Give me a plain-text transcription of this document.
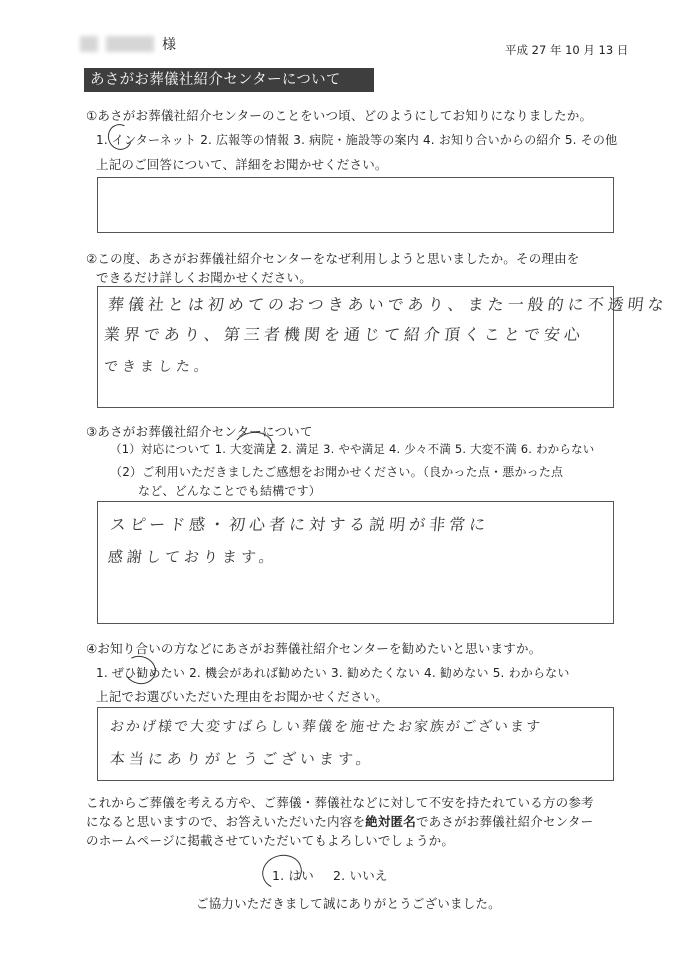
様	平成 27 年 10 月 13 日
あさがお葬儀社紹介センターについて
①あさがお葬儀社紹介センターのことをいつ頃、どのようにしてお知りになりましたか。
1. インターネット 2. 広報等の情報 3. 病院・施設等の案内 4. お知り合いからの紹介 5. その他
上記のご回答について、詳細をお聞かせください。
②この度、あさがお葬儀社紹介センターをなぜ利用しようと思いましたか。その理由を
できるだけ詳しくお聞かせください。
葬儀社とは初めてのおつきあいであり、また一般的に不透明な
業界であり、第三者機関を通じて紹介頂くことで安心
できました。
③あさがお葬儀社紹介センターについて
（1）対応について 1. 大変満足 2. 満足 3. やや満足 4. 少々不満 5. 大変不満 6. わからない
（2）ご利用いただきましたご感想をお聞かせください。（良かった点・悪かった点
など、どんなことでも結構です）
スピード感・初心者に対する説明が非常に
感謝しております。
④お知り合いの方などにあさがお葬儀社紹介センターを勧めたいと思いますか。
1. ぜひ勧めたい 2. 機会があれば勧めたい 3. 勧めたくない 4. 勧めない 5. わからない
上記でお選びいただいた理由をお聞かせください。
おかげ様で大変すばらしい葬儀を施せたお家族がございます
本当にありがとうございます。
これからご葬儀を考える方や、ご葬儀・葬儀社などに対して不安を持たれている方の参考
になると思いますので、お答えいただいた内容を絶対匿名であさがお葬儀社紹介センター
のホームページに掲載させていただいてもよろしいでしょうか。
1. はい 2. いいえ
ご協力いただきまして誠にありがとうございました。
